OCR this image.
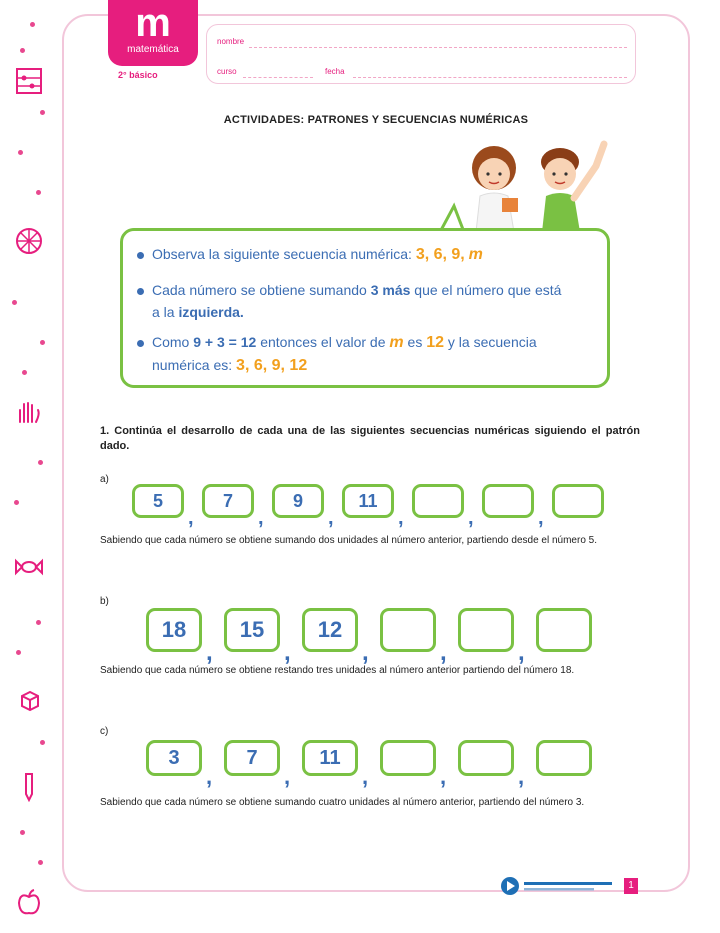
m
matemática
2° básico
nombre
curso	fecha
ACTIVIDADES: PATRONES Y SECUENCIAS NUMÉRICAS
Observa la siguiente secuencia numérica: 3, 6, 9, m
Cada número se obtiene sumando 3 más que el número que está
a la izquierda.
Como 9 + 3 = 12 entonces el valor de m es 12 y la secuencia
numérica es: 3, 6, 9, 12
1. Continúa el desarrollo de cada una de las siguientes secuencias numéricas siguiendo el patrón dado.
a)
5
,
7
,
9
,
11
,	,	,
Sabiendo que cada número se obtiene sumando dos unidades al número anterior, partiendo desde el número 5.
b)
18
,
15
,
12
,	,	,
Sabiendo que cada número se obtiene restando tres unidades al número anterior partiendo del número 18.
c)
3
,
7
,
11
,	,	,
Sabiendo que cada número se obtiene sumando cuatro unidades al número anterior, partiendo del número 3.
1
